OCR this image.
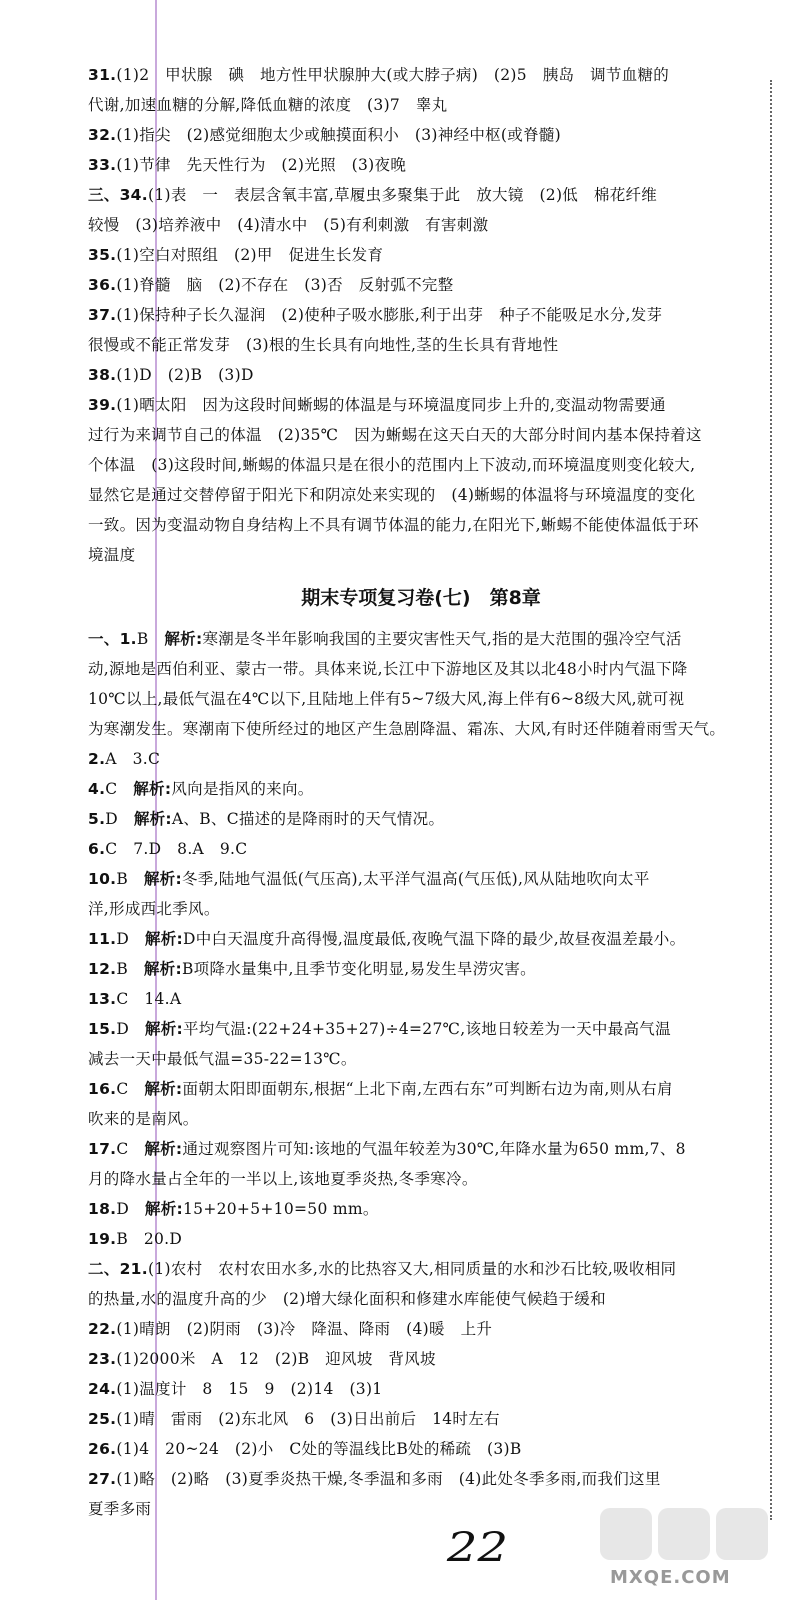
31.(1)2　甲状腺　碘　地方性甲状腺肿大(或大脖子病)　(2)5　胰岛　调节血糖的
代谢,加速血糖的分解,降低血糖的浓度　(3)7　睾丸
32.(1)指尖　(2)感觉细胞太少或触摸面积小　(3)神经中枢(或脊髓)
33.(1)节律　先天性行为　(2)光照　(3)夜晚
三、34.(1)表　一　表层含氧丰富,草履虫多聚集于此　放大镜　(2)低　棉花纤维
较慢　(3)培养液中　(4)清水中　(5)有利刺激　有害刺激
35.(1)空白对照组　(2)甲　促进生长发育
36.(1)脊髓　脑　(2)不存在　(3)否　反射弧不完整
37.(1)保持种子长久湿润　(2)使种子吸水膨胀,利于出芽　种子不能吸足水分,发芽
很慢或不能正常发芽　(3)根的生长具有向地性,茎的生长具有背地性
38.(1)D　(2)B　(3)D
39.(1)晒太阳　因为这段时间蜥蜴的体温是与环境温度同步上升的,变温动物需要通
过行为来调节自己的体温　(2)35℃　因为蜥蜴在这天白天的大部分时间内基本保持着这
个体温　(3)这段时间,蜥蜴的体温只是在很小的范围内上下波动,而环境温度则变化较大,
显然它是通过交替停留于阳光下和阴凉处来实现的　(4)蜥蜴的体温将与环境温度的变化
一致。因为变温动物自身结构上不具有调节体温的能力,在阳光下,蜥蜴不能使体温低于环
境温度
期末专项复习卷(七)　第8章
一、1.B　解析:寒潮是冬半年影响我国的主要灾害性天气,指的是大范围的强冷空气活
动,源地是西伯利亚、蒙古一带。具体来说,长江中下游地区及其以北48小时内气温下降
10℃以上,最低气温在4℃以下,且陆地上伴有5~7级大风,海上伴有6~8级大风,就可视
为寒潮发生。寒潮南下使所经过的地区产生急剧降温、霜冻、大风,有时还伴随着雨雪天气。
2.A　3.C
4.C　解析:风向是指风的来向。
5.D　解析:A、B、C描述的是降雨时的天气情况。
6.C　7.D　8.A　9.C
10.B　解析:冬季,陆地气温低(气压高),太平洋气温高(气压低),风从陆地吹向太平
洋,形成西北季风。
11.D　解析:D中白天温度升高得慢,温度最低,夜晚气温下降的最少,故昼夜温差最小。
12.B　解析:B项降水量集中,且季节变化明显,易发生旱涝灾害。
13.C　14.A
15.D　解析:平均气温:(22+24+35+27)÷4=27℃,该地日较差为一天中最高气温
减去一天中最低气温=35-22=13℃。
16.C　解析:面朝太阳即面朝东,根据“上北下南,左西右东”可判断右边为南,则从右肩
吹来的是南风。
17.C　解析:通过观察图片可知:该地的气温年较差为30℃,年降水量为650 mm,7、8
月的降水量占全年的一半以上,该地夏季炎热,冬季寒冷。
18.D　解析:15+20+5+10=50 mm。
19.B　20.D
二、21.(1)农村　农村农田水多,水的比热容又大,相同质量的水和沙石比较,吸收相同
的热量,水的温度升高的少　(2)增大绿化面积和修建水库能使气候趋于缓和
22.(1)晴朗　(2)阴雨　(3)冷　降温、降雨　(4)暖　上升
23.(1)2000米　A　12　(2)B　迎风坡　背风坡
24.(1)温度计　8　15　9　(2)14　(3)1
25.(1)晴　雷雨　(2)东北风　6　(3)日出前后　14时左右
26.(1)4　20~24　(2)小　C处的等温线比B处的稀疏　(3)B
27.(1)略　(2)略　(3)夏季炎热干燥,冬季温和多雨　(4)此处冬季多雨,而我们这里
夏季多雨
22
MXQE.COM
